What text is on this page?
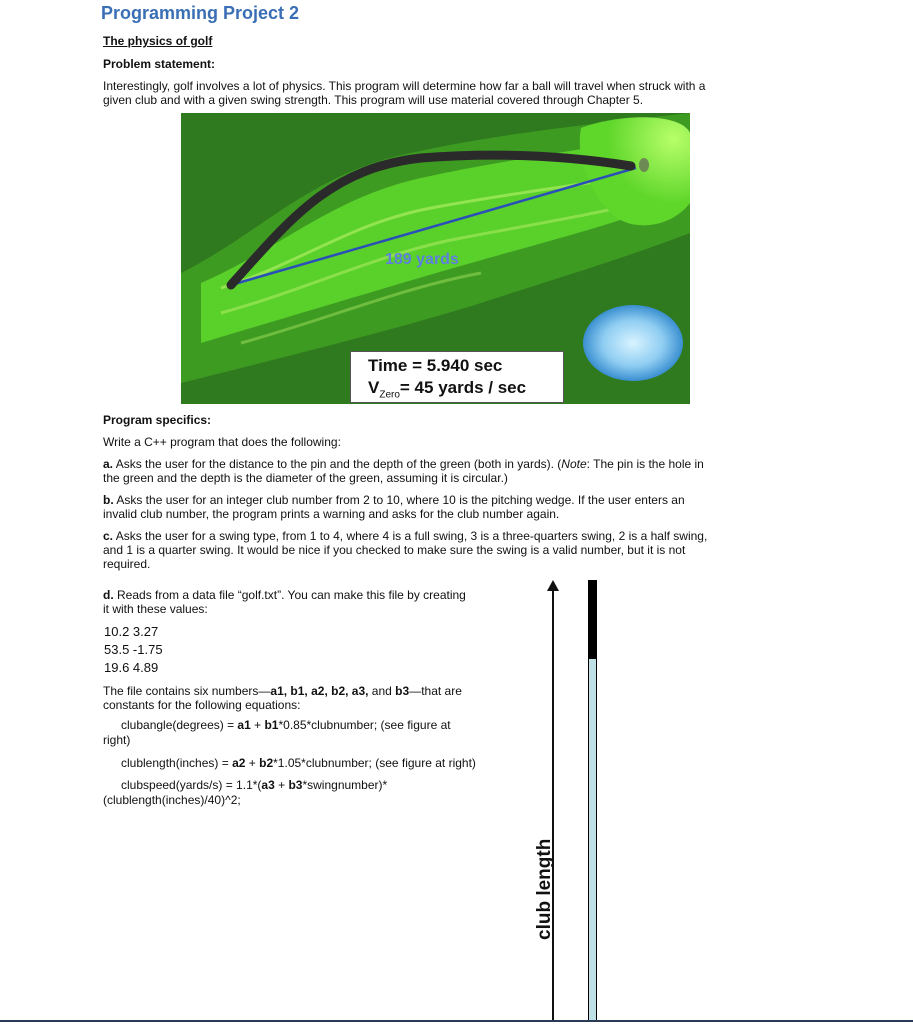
Programming Project 2
The physics of golf
Problem statement:
Interestingly, golf involves a lot of physics. This program will determine how far a ball will travel when struck with a
given club and with a given swing strength. This program will use material covered through Chapter 5.
189 yards
Time = 5.940 sec
$V_{Zero}= 45$ yards / sec
Program specifics:
Write a C++ program that does the following:
a. Asks the user for the distance to the pin and the depth of the green (both in yards). (Note: The pin is the hole in
the green and the depth is the diameter of the green, assuming it is circular.)
b. Asks the user for an integer club number from 2 to 10, where 10 is the pitching wedge. If the user enters an
invalid club number, the program prints a warning and asks for the club number again.
c. Asks the user for a swing type, from 1 to 4, where 4 is a full swing, 3 is a three-quarters swing, 2 is a half swing,
and 1 is a quarter swing. It would be nice if you checked to make sure the swing is a valid number, but it is not
required.
d. Reads from a data file “golf.txt”. You can make this file by creating
it with these values:
10.2 3.27
53.5 -1.75
19.6 4.89
The file contains six numbers—a1, b1, a2, b2, a3, and b3—that are
constants for the following equations:
clubangle(degrees) = a1 + b1*0.85*clubnumber; (see figure at
right)
clublength(inches) = a2 + b2*1.05*clubnumber; (see figure at right)
clubspeed(yards/s) = 1.1*(a3 + b3*swingnumber)*
(clublength(inches)/40)^2;
club length
